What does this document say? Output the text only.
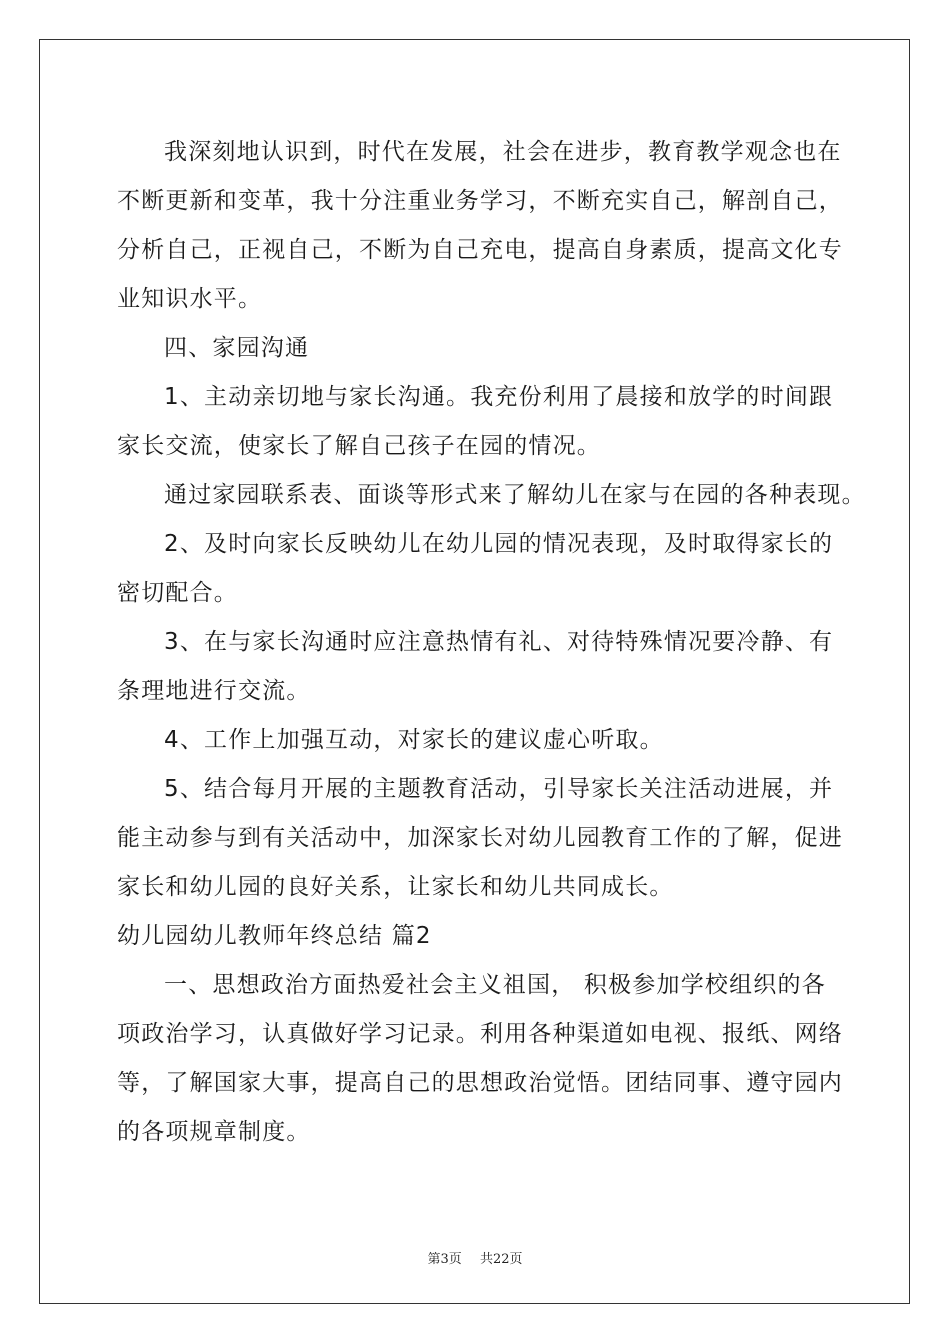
我深刻地认识到，时代在发展，社会在进步，教育教学观念也在
不断更新和变革，我十分注重业务学习，不断充实自己，解剖自己，
分析自己，正视自己，不断为自己充电，提高自身素质，提高文化专
业知识水平。
四、家园沟通
1、主动亲切地与家长沟通。我充份利用了晨接和放学的时间跟
家长交流，使家长了解自己孩子在园的情况。
通过家园联系表、面谈等形式来了解幼儿在家与在园的各种表现。
2、及时向家长反映幼儿在幼儿园的情况表现，及时取得家长的
密切配合。
3、在与家长沟通时应注意热情有礼、对待特殊情况要冷静、有
条理地进行交流。
4、工作上加强互动，对家长的建议虚心听取。
5、结合每月开展的主题教育活动，引导家长关注活动进展，并
能主动参与到有关活动中，加深家长对幼儿园教育工作的了解，促进
家长和幼儿园的良好关系，让家长和幼儿共同成长。
幼儿园幼儿教师年终总结 篇2
一、思想政治方面热爱社会主义祖国， 积极参加学校组织的各
项政治学习，认真做好学习记录。利用各种渠道如电视、报纸、网络
等，了解国家大事，提高自己的思想政治觉悟。团结同事、遵守园内
的各项规章制度。
第3页 共22页
